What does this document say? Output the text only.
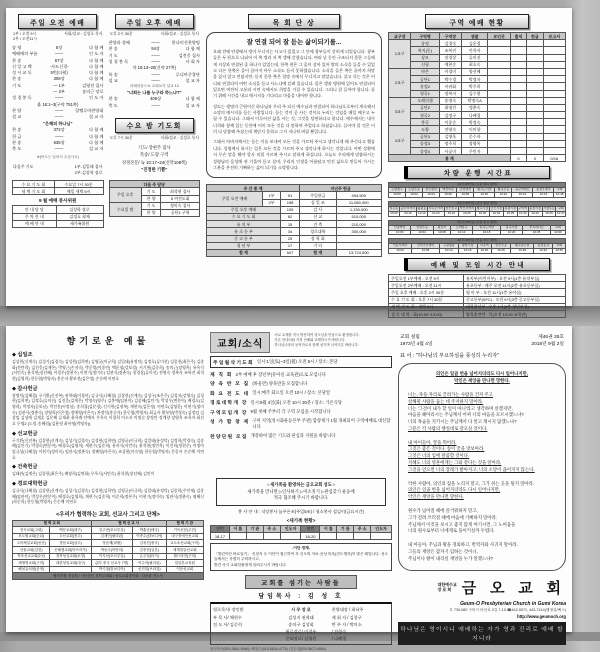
주일 오전 예배
1부 / 오전 9시
2부 / 오전11시
사회/설교 : 김성호 목사
송 영	5장	다 함 께
예배에의 부름	――	인 도 자
찬 송	67장	다 함 께
신 앙 고 백	-사도신경-	다 함 께
성 시 교 독	5번(다윗)	다 함 께
찬 송	308장	다 함 께
기 도	― 1부	김영진 집사
― 2부	송의근 장로
성 경 봉 독	――	인 도 자
욥 16:1~3(구약 751쪽)
찬 양	――	할렐루야찬양대
설 교	――	설 교 자
"은혜의 하나님"
찬 송	372장	다 함 께
헌 금	――	다 함 께
찬 송	635장	다 함 께
축 도	――	설 교 자
※(묵도는 일어서 주십시오)
다음주 기도	1부-김일태 집사
2부-김상학 장로
수 요 기 도 회	수요일 7시 30분
새 벽 기 도 회	매일 새벽 5시
9 월 예배 봉사위원
안 내 담 당	김상학 장로
주 차 안 내	김정호 형제
예 배 안 내	새가족위원
주일 오후 예배
오후 2시 30분	사회/설교 : 김성호 목사
찬양과 경배	――	한나미션찬양팀
찬 송	94장	다 함 께
기 도	――	김진웅 집사
성 경 봉 독	――	사 회 자
마 16:13~20(신약 27쪽)
특 송	――	루디아중창단
설 교	――	설 교 자
마태복음으로 교회보기 설교 13
"너희는 나를 누구라 하느냐?"
찬 송	406장	다 함 께
축 도	――	설 교 자
수요 밤 기도회
오후 7시 30분	사회/설교 : 김성호 목사
기도/ 장현주 집사
특송/ 도량 구역
성경본문/ 눅 10:17~24(신약108쪽)
"진정한 기쁨"
다음 주 담당		
주일 오후	기 도	최석현 집사
	찬 양	5 여전도회
수요일 밤	기 도	정미숙 집사
	찬 양	공단1 구역
목 회 단 상
잘 연결 되어 잘 듣는 삶이되기를...

오래 전에 탄광에서 갱이 무너지는 사고가 있었고 그 안에 광부들이 갇히게 되었습니다. 광부들은 두 편으로 나뉘어 이 쪽 갱과 저 쪽 갱에 갇혔습니다. 여러 날 동안 구조되지 못한 그들에게 지상과 연결된 줄 하나가 있었는데, 한쪽 편은 그 줄이 살아 있어 밖의 소식을 들을 수 있었고 다른 한쪽은 줄이 끊어져 아무 소식도 듣지 못하였습니다. 소식을 들은 쪽은 끝까지 희망을 잃지 않고 견뎠지만, 듣지 못한 쪽은 절망 속에서 무너지고 말았습니다. 살고 죽는 것은 어디와 연결되어 어떤 소식을 듣고 사느냐에 달려 있습니다. 몸은 갱과 병원에 있어도 연결되어 있으면 여전히 고통과 시련 속에서도 희망을 가질 수 있습니다. 그러니 잘 들어야 합니다. 듣기 위해 시간을 내고 메시지를 기다리고 마음을 내어야 합니다.

성도는 생명의 근원이신 하나님과 우리 주 되신 예수님과 연결되어 하나님으로부터 계속해서 소망의 메시지를 듣는 사람입니다. 듣는 것이 곧 사는 것이요 누리는 것임을 매일 배우고 누릴 수 있습니다. 그래서 이루어진 삶을 사는 것, 그것을 당연하다고 합니다. 예수께서는 내가 너희와 함께 있는 동안에 이미 모든 것을 다 말하여 주었다고 하셨습니다. 들어야 할 것은 이미 다 말씀해 주셨는데 깨닫지 못하고 그저 지나쳐 버릴 뿐입니다.

그래서 아버지께서는 듣는 이를 보내어 모든 것을 가르쳐 주시고 생각나게 해 주신다고 했습니다. 성령께서 하시는 일은 모든 것을 가르쳐 주고 생각나게 하시는 것입니다. 어떤 상황에서 무슨 말을 해야 할지 직접 가르쳐 주시고 말하게 하십니다. 오늘도 우리에게 말씀하시는 성령님의 음성에 귀 기울여 듣고 살며, 우리의 인생을 아름답고 멋진 삶으로 만들어 가시는 그분을 온전히 기뻐하는 삶이 되기를 소망합니다.

주 간 통 계			지난주 헌금	
주일 오전 예배	1부	91	주일헌금	494,500
	2부	198	십 일 조	11,080,000
주일 오후 예배		105	감 사	1,130,000
수 요 기 도 회		62	선 교	510,000
유 치 부		15	건 축	210,000
유 초 등 부		34	경로대학	300,000
중 고 등 부		25	장 학 회	
청 년 부		17	기 타	
합 계		547	합 계	13,724,500
구역 예배 현황
교구장	구역명	구역장	권찰	모인곳	출석	헌금	보고서
1교구	송정	김경숙	김운경				
	복지(동)	조복진	안옥자				
	상모	장경상	류미선				
	신평	예현순	최호숙				
2교구	야은	이경미	양선혜				
	공단1	박수경	박정자				
	송정2	이귀화	박주희				
	형곡1	정복자	김수열				
3교구	도레미샘	송명숙	박명숙A				
	공단2	최명진	정춘숙				
	형곡2	김정구	나혜경				
	봉곡	이종순	박정숙				
4교구	도량	전영숙	이미향				
	공단3	김영욱	문수자				
	송정3	정주희	장영옥				
	송정4	사공미	주민자				
통 계					0	0	0/16
차량 운행 시간표
1호차 25인승 (도량·형곡 방면)									
도량청구	도량주공	선주원당	백산타운	궁전맨션	형곡도서관	형곡주공	육군아파트	송정우체국	교회
10:00	10:02	10:04	10:06	10:08	10:40	10:42	10:43	10:44	10:48
2호차 45인승 (공단·원평 방면)												
임은동	공단사거리	광평동	사곡오거리	상모초교	상모사거리	형곡시장	금오시장	원평시장	구미역	송정시장	시청후문	교회
10:00	10:10	10:13	10:20	10:22	10:25	10:30	10:32	10:35	10:40	10:43	10:45	10:47
3호차 15인승 (신평·봉곡 방면)							
신평벽산	신평주공	원호리	도개입구	봉곡도서관	봉곡시장	부곡하나로	교회
10:00	10:04	10:08	10:13	10:15	10:20	10:25	10:30
4호차 25인승 (인동·상모 방면)								
인동우체국	진미주민센터	구평청솔	황상시장	사곡역	상모주공	형곡골든빌	송정동성	교회
10:00	10:05	10:10	10:15	10:20	10:25	10:28	10:32	10:35
예배 및 모임 시간 안내
주일오전 1부예배 : 오전 9시	유치부(어린이부) : 오전 9시(1층 유치부실)
주일오전 2부예배 : 오전 11시	유초등부 : 매주 오전 11시(2층 유초등부실)
주일 오후 예배 : 오후 2시 30분	영 아 부 : 오전 11시(1층 유아실)
수 요 기 도 회 : 오후 7시 30분	중고등부(SFC) : 오전 9시(3층 중고등부실)
새 벽 기 도 회 : 새벽 5시	대학청년부 : 오후 1시(3층 청년부실)
경 로 대 학 : 화(10:00~13:00)	양육훈련반 : 목(오전 10:00 교육관)
향기로운 예물
◆ 십일조
김상현(신계숙) 김성기(김경숙) 김성현(김희연) 김영균(이규희) 김일태(유정덕) 김정호(류미선) 김종천(최은주) 김종화(전란희) 김진웅(김계은) 박영근(손지숙) 박준열(이종련) 백운철(강보경) 서기현(김준희) 송의근(장영옥) 유옥식(서민숙) 윤석현(장선혜) 이경우(정현주) 이현기(정미숙) 임관식(정춘숙) 장경상(류미선) 전영숙 정복자 조복진 최석현(김영희) 한동엽(박영자) 홍순자 황보전(김은정) 손순례 이연호
◆ 감사헌금
장영덕(김혜경) 구기환(신진복) 권혁태(이경미) 김규식(나혜경) 김상현(신계숙) 김성구(조은주) 김성지(강영숙) 김성현(김희연) 김정호(류미선) 김진웅(김계은) 박명숙(영주) 김봉예(임관이) 김종혜(김안기) 박성우(변분이) 배경호(김영희) 박정자(공보남) 박진홍(이정심) 송희경(김문경) 신기현(김정복) 계현숙(김은정) 이연호(김영운) 이현기(정미숙) 임관식(정춘숙) 장영희(이은정) 정애영(마은숙) 차정덕(홍순자) 한동엽(박영자) 최금자 황보영(박정숙) 김정임 김상임 김성애 김제훈 김문혜 류재윤 윤옥례 안예자 우옥숙 이경희 이소자 이정순 장정란 정계향 장영옥 조옥자 최선호 무명2 (드림-송혜림)(김용원 최아영(박영자))
◆ 선교헌금
구기환(신진복) 김상현(신계숙) 김성기(김경숙) 김성현(김희연) 김영균(이규희) 김일태(유정덕) 김정희(박경숙) 김종혜(김안기) 박경숙(변분이) 배경호(김영희) 계현수(김준희) 유옥식(서민숙) 윤석현(정빈옥) 이건희(정현주) 이정아 임규상(나혜경) 이현기(정미숙) 임관식(정춘숙) 정해영(마은숙) 조상현(이숙영) 한동엽(박영자) 문종자 손순례 이연호
◆ 건축헌금
김태관(김계은) 김종헌(최은주) 배장희(김연화) 우옥식(서민숙) 윤석현(장선혜) 김안이
◆ 경로대학헌금
김규식(나혜경) 김상현(신계숙) 김성기(김경숙) 김성현(김희연) 김영균(이규희) 김일태(유정덕) 김종희(주인제) 김종혜(임관이) 박성우(변분이) 배경호(김영희) 계현수(김준희) 이순희(정본주) 이현기(정미숙) 임관식(정춘숙) 평해신(하순희) 한동엽(박영자) 손순례 이연호
<우리가 협력하는 교회, 선교사 그리고 단체>
협 력 교 회		협 력 선 교 사		협 력 기 관
전곡교회(고령)	백문교회(대구)	김주현(포르투갈)	박훈준(태국)	기독신문(주간)
포도원교회(군위)	우신교회(전주)	김재민(필리핀)	이종수(캄보디아)	대구장애인선교회
고아제일교회(선산)	정문교회(상주)	정준제(네팔)	김성진(중국)	교도소선교회(구미)
산돌교회(김천)	은혜샘교회(아프리카)	박동수(미얀마)	김종현(일본)	세계밀알선교회
목포선교교회(2곳)	경북성심교회(소망)	이지선(포르투갈)	손주열(터키)	월드비전(구미)
새생명교회(구미)	대한성임교회(대구)	(2부 중국 선교사 7명)	이수아(필리핀)	밀알본교육원
해성유치원(운영)		박기철(캄보디아)	신진희(브라질)	이음선교회
협력지원 정심원 / 사단법인 경북두레회 / 삼일교회장학회 : 다문화 전도사				
교회/소식
서로 교제를 적극 방문하여 성도님을 만남으로 환영합니다.
가온 안내서와 가정 선배와 교제하시기 바랍니다.
하나님나라의 동역자로서 함께 섬기며 나아가길 바랍니다.
주일월삭기도회 일시:1일(토)~3일(월) 오전 5시 / 장소: 본당
제 직 회 2부 예배 후 장년부(유아실·교육관)으로 모입니다
양 육 반 모 집 (바울반) 양육반을 모집합니다
화 요 전 도 대 일시:매주 화요일 오전 10시 / 장소: 본당앞
경로대학개 강 일시:9월 4일(화) 오전 10시 30분 / 장소: 가온식당
구역모임개 강 9월 첫째 주부터 각 구역 모임을 시작합니다
성 가 합 창 제 구미 지역(성시화운동본부 주관) 합창제가 1월 개최되어 구역예배로 대신합니다
찬양단원 모집 개강하여 많은 기도와 관심과 지원을 바랍니다
☆새가족을 환영하는 금오교회 성도☆
새가족을 만나면 ▷인사하기 ▷미소짓기 ▷관심갖기 운동에
적극 협조해 주시기 바랍니다.
봉 사 안 내 : 식당봉사 늘푸른조(주일5조) / 청소봉사 섬김이(금요시간)
<새가족 현황>
연번	이 름	기 관	주 소	인도자	연번	이 름	기 관	주 소	인도자
18-17					18-20				
-이단 경계-
「열린이단 바로알기」 신천지 등 이단이 접근하여 각 신도의 자료·음성 미혹(전도행각)이 많은 때입니다. 성도들께서는 각별히 주의하시고,
발견 즉시 교회임원에게 알려주시기 바랍니다.
교회를 섬기는 사람들
담임목사 : 김 성 호
원로목사/ 장인환
부 목 사/ 채현수
전 도 사/ 김순희
시 무 장 로
김성지 권혁태
송의구 김상회
원로장로/ 이경우
은퇴장로/ 김영헌
찬양대장 / 최낙주
제 회 자 / 김창구
반 주 자 / 박미소
/ 전형숙
/ 나혜경
담임목사(010-3641-9046) /채현수(010-5634-4775) /김순희(010-5672-9064)
교회 설립
1973년 4월 4일
제46권 35호
2018년 9월 2일
표 어 : "하나님의 부요하심을 풍성히 누리자"
의인은 일곱 번을 넘어지더라도 다시 일어나지만,
악인은 재앙을 만나면 망한다.

너는, 죽을 자리로 끌려가는 사람을 건져 주고
살해될 사람을 돕는 데 주저하지 말아라.
너는 '그것이 내가 할 일이 아니'라고 생각하며 살겠지만,
마음을 헤아리시는 주님께서 어찌 너의 마음을 모르시겠느냐?
너의 목숨을 지키시는 주님께서 다 알고 계시지 않겠느냐?
그분은 각 사람의 행실대로 갚으실 것이다.

내 아이들아, 꿀을 먹어라.
그것은 좋은 것이다. 송이 꿀을 맛보아라.
그것은 너의 입에 달콤할 것이다.
지혜도 너의 영혼에게는 그와 같다는 것을 알아라.
그것을 얻으면 너의 장래가 밝아지고, 너의 소망이 끊어지지 않는다.

악한 사람아, 의인의 집을 노리지 말고, 그가 쉬는 곳을 털지 말아라.
의인은 일곱 번을 넘어지더라도 다시 일어나지만,
악인은 재앙을 만나면 망한다.

원수가 넘어질 때에 즐거워하지 말고,
그가 걸려 쓰러질 때에 마음에 기뻐하지 말아라.
주님께서 이것을 보시고 좋지 않게 여기시면, 그 노여움을
너의 원수로부터 너에게로 돌이키실까 두렵다.

내 아들아, 주님과 왕을 경외하고, 반역자와 사귀지 말아라.
그들의 재앙은 갑자기 임하는 것이니,
주님이나 왕이 내리실 재앙을 누가 알겠느냐?
대한예수교
장 로 회 금 오 교 회
Geum-O Presbyterian Church in Gumi Korea
우 730-080 구미시 비산로 2길 7-10 ☎442-0071, 443-7414(행정실/팩스)
http://www.geumoch.org
하나님은 영이시니 예배하는 자가 영과 진리로 예배 할지니라
